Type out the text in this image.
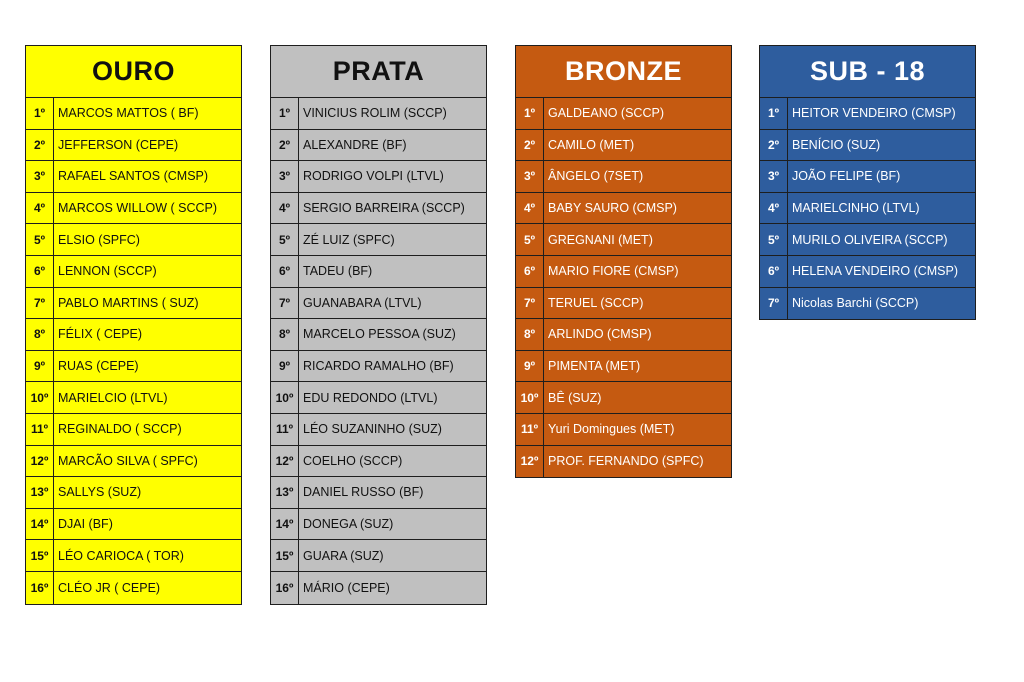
OURO
1º	MARCOS MATTOS ( BF)
2º	JEFFERSON (CEPE)
3º	RAFAEL SANTOS (CMSP)
4º	MARCOS WILLOW ( SCCP)
5º	ELSIO (SPFC)
6º	LENNON (SCCP)
7º	PABLO MARTINS ( SUZ)
8º	FÉLIX ( CEPE)
9º	RUAS (CEPE)
10º MARIELCIO (LTVL)
11º REGINALDO ( SCCP)
12º MARCÃO SILVA ( SPFC)
13º SALLYS (SUZ)
14º DJAI (BF)
15º LÉO CARIOCA ( TOR)
16º CLÉO JR ( CEPE)
PRATA
1º	VINICIUS ROLIM (SCCP)
2º	ALEXANDRE (BF)
3º	RODRIGO VOLPI (LTVL)
4º	SERGIO BARREIRA (SCCP)
5º	ZÉ LUIZ (SPFC)
6º	TADEU (BF)
7º	GUANABARA (LTVL)
8º	MARCELO PESSOA (SUZ)
9º	RICARDO RAMALHO (BF)
10º EDU REDONDO (LTVL)
11º LÉO SUZANINHO (SUZ)
12º COELHO (SCCP)
13º DANIEL RUSSO (BF)
14º DONEGA (SUZ)
15º GUARA (SUZ)
16º MÁRIO (CEPE)
BRONZE
1º	GALDEANO (SCCP)
2º	CAMILO (MET)
3º	ÂNGELO (7SET)
4º	BABY SAURO (CMSP)
5º	GREGNANI (MET)
6º	MARIO FIORE (CMSP)
7º	TERUEL (SCCP)
8º	ARLINDO (CMSP)
9º	PIMENTA (MET)
10º BÊ (SUZ)
11º Yuri Domingues (MET)
12º PROF. FERNANDO (SPFC)
SUB - 18
1º	HEITOR VENDEIRO (CMSP)
2º	BENÍCIO (SUZ)
3º	JOÃO FELIPE (BF)
4º	MARIELCINHO (LTVL)
5º	MURILO OLIVEIRA (SCCP)
6º	HELENA VENDEIRO (CMSP)
7º	Nicolas Barchi (SCCP)
